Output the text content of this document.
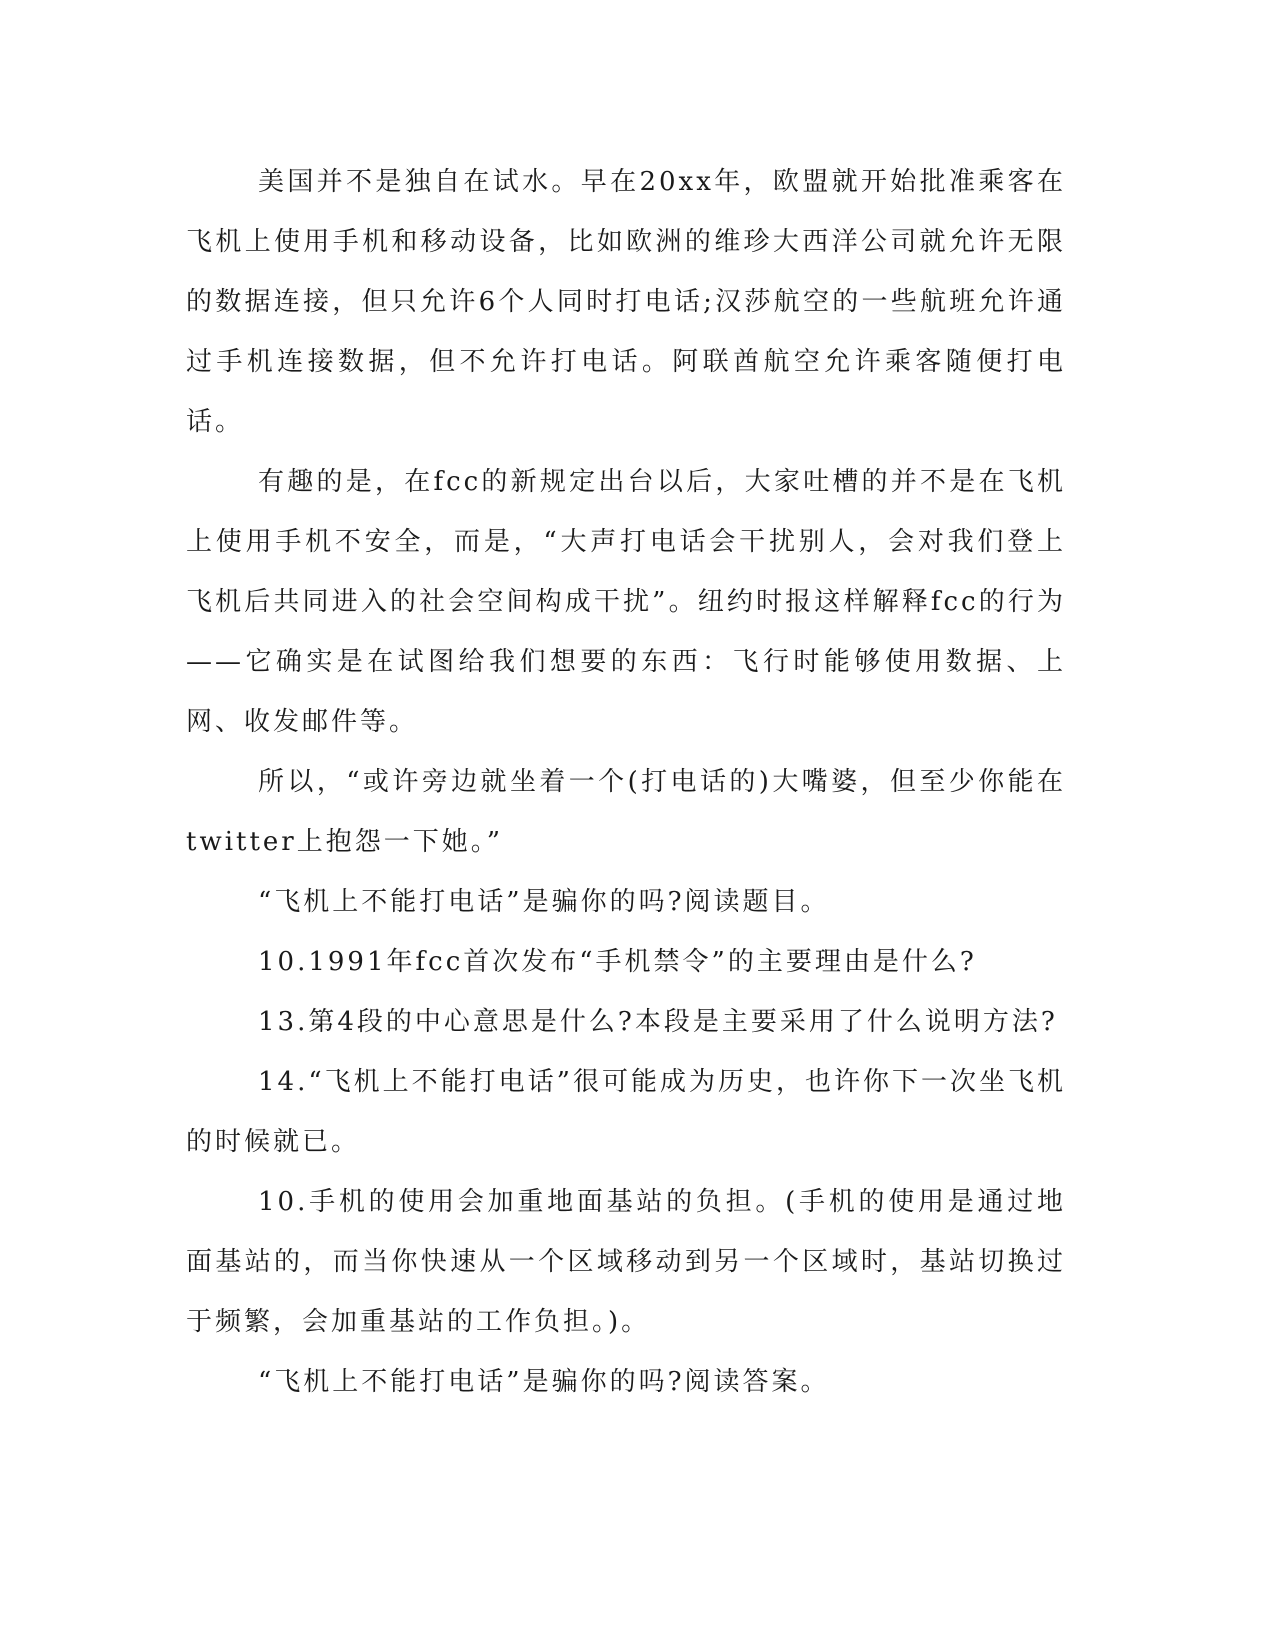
美国并不是独自在试水。早在20xx年，欧盟就开始批准乘客在飞机上使用手机和移动设备，比如欧洲的维珍大西洋公司就允许无限的数据连接，但只允许6个人同时打电话;汉莎航空的一些航班允许通过手机连接数据，但不允许打电话。阿联酋航空允许乘客随便打电话。

有趣的是，在fcc的新规定出台以后，大家吐槽的并不是在飞机上使用手机不安全，而是，“大声打电话会干扰别人，会对我们登上飞机后共同进入的社会空间构成干扰”。纽约时报这样解释fcc的行为——它确实是在试图给我们想要的东西：飞行时能够使用数据、上网、收发邮件等。

所以，“或许旁边就坐着一个(打电话的)大嘴婆，但至少你能在twitter上抱怨一下她。”

“飞机上不能打电话”是骗你的吗?阅读题目。

10.1991年fcc首次发布“手机禁令”的主要理由是什么?

13.第4段的中心意思是什么?本段是主要采用了什么说明方法?

14.“飞机上不能打电话”很可能成为历史，也许你下一次坐飞机的时候就已。

10.手机的使用会加重地面基站的负担。(手机的使用是通过地面基站的，而当你快速从一个区域移动到另一个区域时，基站切换过于频繁，会加重基站的工作负担。)。

“飞机上不能打电话”是骗你的吗?阅读答案。
